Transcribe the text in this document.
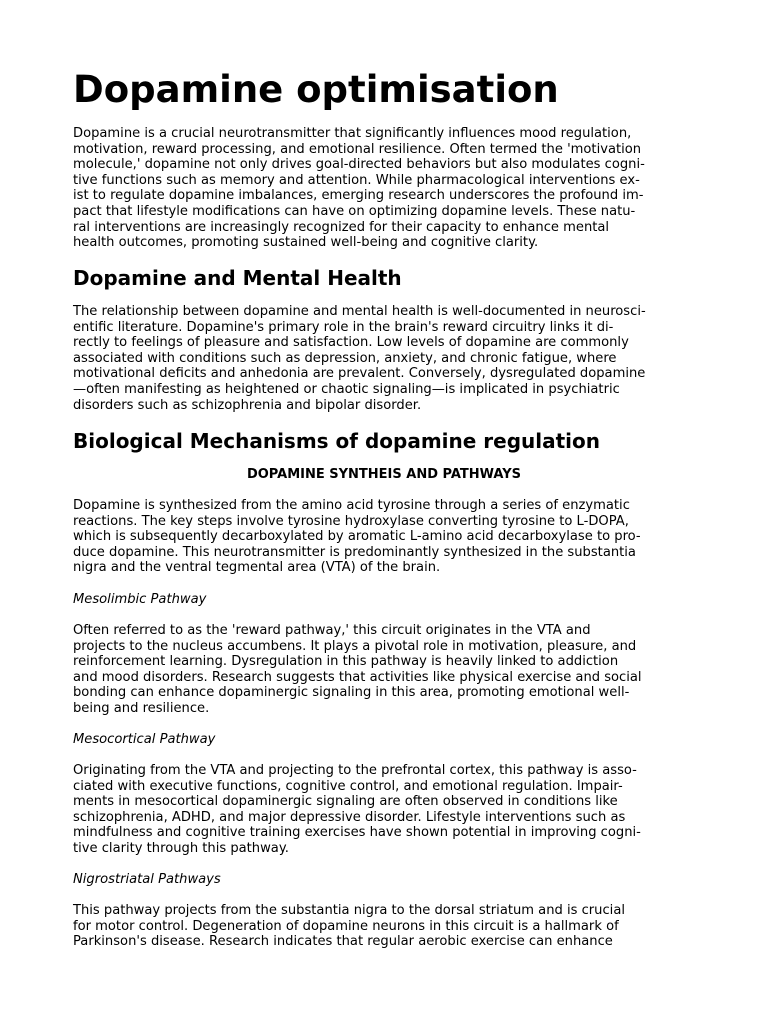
Dopamine optimisation
Dopamine is a crucial neurotransmitter that significantly influences mood regulation,
motivation, reward processing, and emotional resilience. Often termed the 'motivation
molecule,' dopamine not only drives goal-directed behaviors but also modulates cogni-
tive functions such as memory and attention. While pharmacological interventions ex-
ist to regulate dopamine imbalances, emerging research underscores the profound im-
pact that lifestyle modifications can have on optimizing dopamine levels. These natu-
ral interventions are increasingly recognized for their capacity to enhance mental
health outcomes, promoting sustained well-being and cognitive clarity.
Dopamine and Mental Health
The relationship between dopamine and mental health is well-documented in neurosci-
entific literature. Dopamine's primary role in the brain's reward circuitry links it di-
rectly to feelings of pleasure and satisfaction. Low levels of dopamine are commonly
associated with conditions such as depression, anxiety, and chronic fatigue, where
motivational deficits and anhedonia are prevalent. Conversely, dysregulated dopamine
—often manifesting as heightened or chaotic signaling—is implicated in psychiatric
disorders such as schizophrenia and bipolar disorder.
Biological Mechanisms of dopamine regulation
DOPAMINE SYNTHEIS AND PATHWAYS
Dopamine is synthesized from the amino acid tyrosine through a series of enzymatic
reactions. The key steps involve tyrosine hydroxylase converting tyrosine to L-DOPA,
which is subsequently decarboxylated by aromatic L-amino acid decarboxylase to pro-
duce dopamine. This neurotransmitter is predominantly synthesized in the substantia
nigra and the ventral tegmental area (VTA) of the brain.

Mesolimbic Pathway

Often referred to as the 'reward pathway,' this circuit originates in the VTA and
projects to the nucleus accumbens. It plays a pivotal role in motivation, pleasure, and
reinforcement learning. Dysregulation in this pathway is heavily linked to addiction
and mood disorders. Research suggests that activities like physical exercise and social
bonding can enhance dopaminergic signaling in this area, promoting emotional well-
being and resilience.

Mesocortical Pathway

Originating from the VTA and projecting to the prefrontal cortex, this pathway is asso-
ciated with executive functions, cognitive control, and emotional regulation. Impair-
ments in mesocortical dopaminergic signaling are often observed in conditions like
schizophrenia, ADHD, and major depressive disorder. Lifestyle interventions such as
mindfulness and cognitive training exercises have shown potential in improving cogni-
tive clarity through this pathway.

Nigrostriatal Pathways

This pathway projects from the substantia nigra to the dorsal striatum and is crucial
for motor control. Degeneration of dopamine neurons in this circuit is a hallmark of
Parkinson's disease. Research indicates that regular aerobic exercise can enhance
